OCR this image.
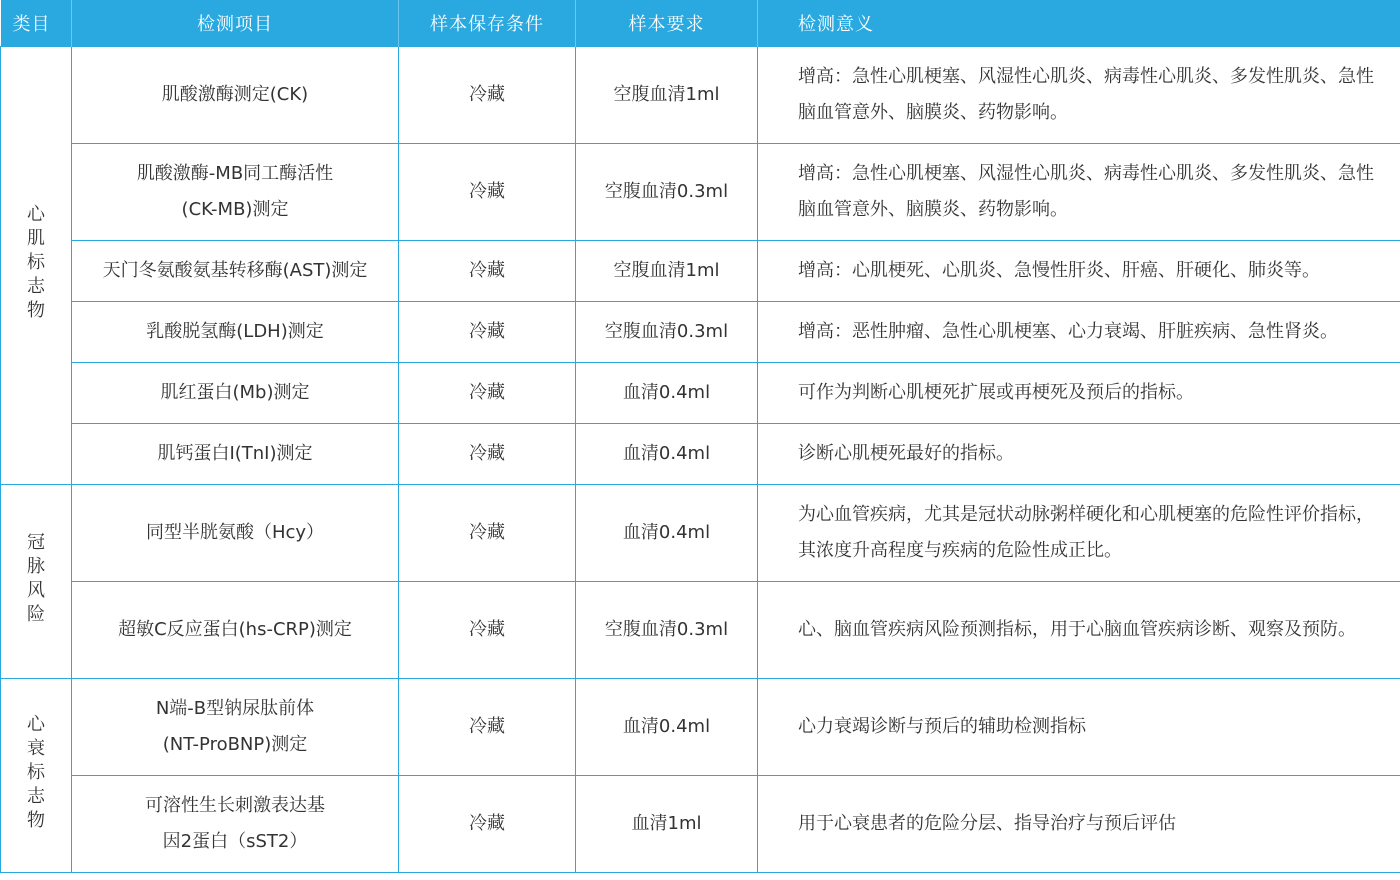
类目	检测项目	样本保存条件	样本要求	检测意义
心肌标志物	肌酸激酶测定(CK)	冷藏	空腹血清1ml	增高：急性心肌梗塞、风湿性心肌炎、病毒性心肌炎、多发性肌炎、急性脑血管意外、脑膜炎、药物影响。
	肌酸激酶-MB同工酶活性(CK-MB)测定	冷藏	空腹血清0.3ml	增高：急性心肌梗塞、风湿性心肌炎、病毒性心肌炎、多发性肌炎、急性脑血管意外、脑膜炎、药物影响。
	天门冬氨酸氨基转移酶(AST)测定	冷藏	空腹血清1ml	增高：心肌梗死、心肌炎、急慢性肝炎、肝癌、肝硬化、肺炎等。
	乳酸脱氢酶(LDH)测定	冷藏	空腹血清0.3ml	增高：恶性肿瘤、急性心肌梗塞、心力衰竭、肝脏疾病、急性肾炎。
	肌红蛋白(Mb)测定	冷藏	血清0.4ml	可作为判断心肌梗死扩展或再梗死及预后的指标。
	肌钙蛋白I(TnI)测定	冷藏	血清0.4ml	诊断心肌梗死最好的指标。
冠脉风险	同型半胱氨酸（Hcy）	冷藏	血清0.4ml	为心血管疾病，尤其是冠状动脉粥样硬化和心肌梗塞的危险性评价指标，其浓度升高程度与疾病的危险性成正比。
	超敏C反应蛋白(hs-CRP)测定	冷藏	空腹血清0.3ml	心、脑血管疾病风险预测指标，用于心脑血管疾病诊断、观察及预防。
心衰标志物	N端-B型钠尿肽前体(NT-ProBNP)测定	冷藏	血清0.4ml	心力衰竭诊断与预后的辅助检测指标
	可溶性生长刺激表达基因2蛋白（sST2）	冷藏	血清1ml	用于心衰患者的危险分层、指导治疗与预后评估
